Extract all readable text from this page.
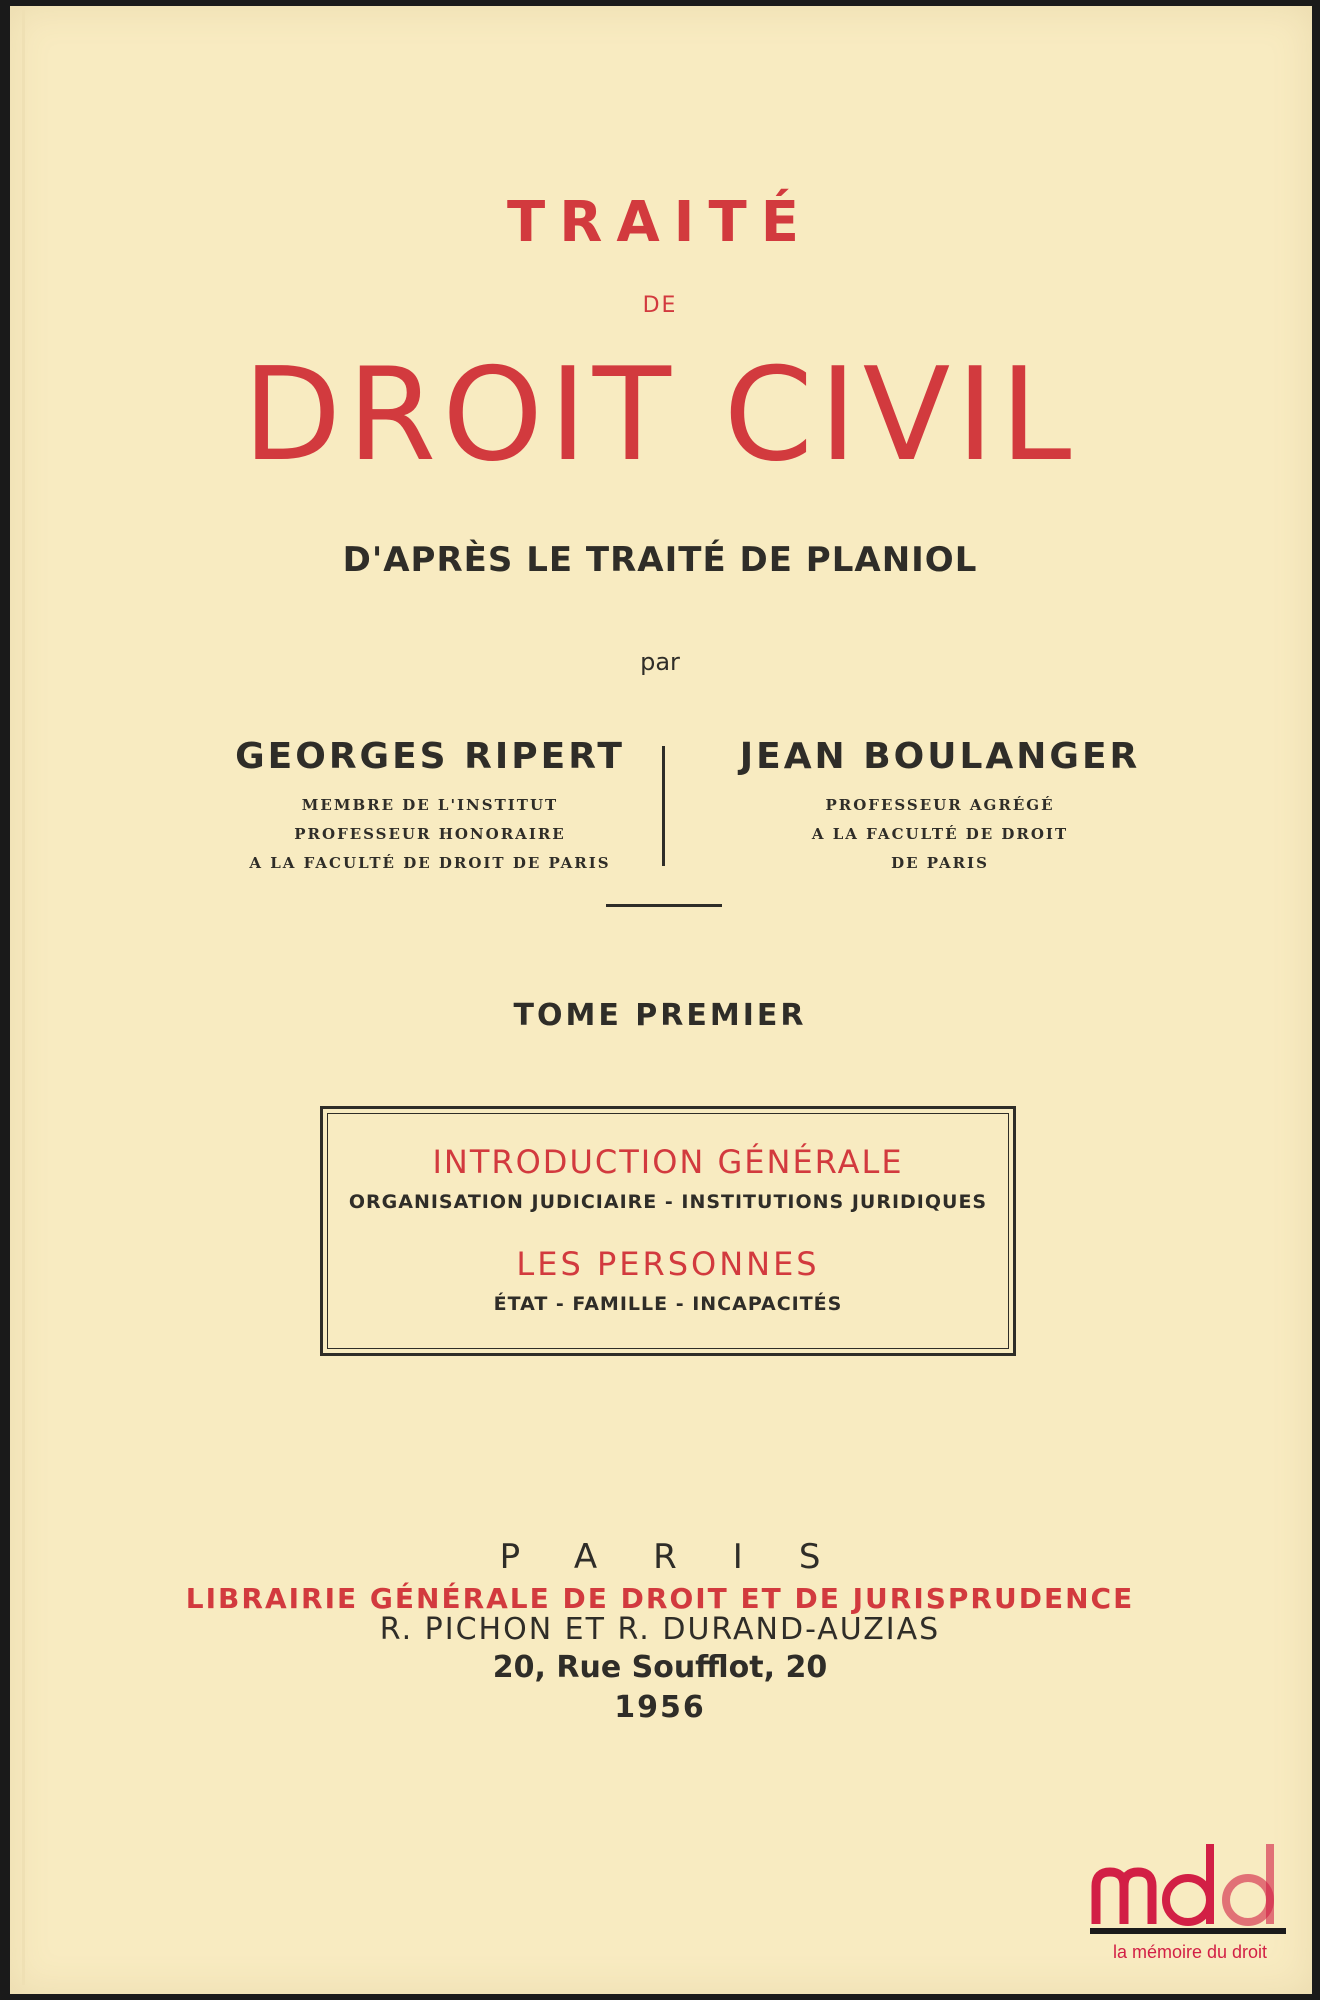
TRAITÉ
DE
DROIT CIVIL
D'APRÈS LE TRAITÉ DE PLANIOL
par
GEORGES RIPERT
MEMBRE DE L'INSTITUT
PROFESSEUR HONORAIRE
A LA FACULTÉ DE DROIT DE PARIS
JEAN BOULANGER
PROFESSEUR AGRÉGÉ
A LA FACULTÉ DE DROIT
DE PARIS
TOME PREMIER
INTRODUCTION GÉNÉRALE
ORGANISATION JUDICIAIRE - INSTITUTIONS JURIDIQUES
LES PERSONNES
ÉTAT - FAMILLE - INCAPACITÉS
PARIS
LIBRAIRIE GÉNÉRALE DE DROIT ET DE JURISPRUDENCE
R. PICHON ET R. DURAND-AUZIAS
20, Rue Soufflot, 20
1956
la mémoire du droit
